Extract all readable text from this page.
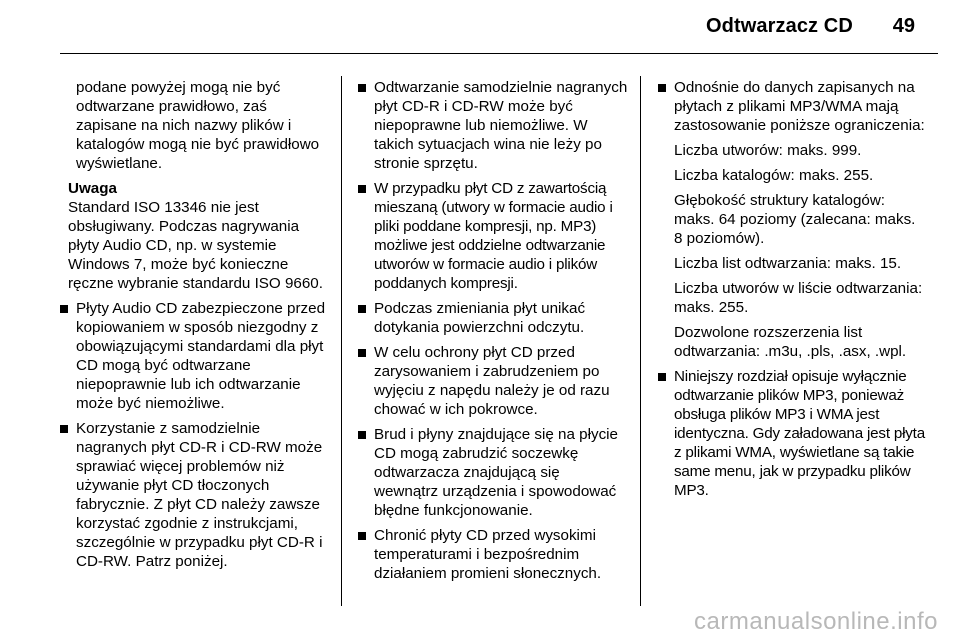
Odtwarzacz CD 49

podane powyżej mogą nie być odtwarzane prawidłowo, zaś zapisane na nich nazwy plików i katalogów mogą nie być prawidłowo wyświetlane.

Uwaga
Standard ISO 13346 nie jest obsługiwany. Podczas nagrywania płyty Audio CD, np. w systemie Windows 7, może być konieczne ręczne wybranie standardu ISO 9660.
Płyty Audio CD zabezpieczone przed kopiowaniem w sposób niezgodny z obowiązującymi standardami dla płyt CD mogą być odtwarzane niepoprawnie lub ich odtwarzanie może być niemożliwe.
Korzystanie z samodzielnie nagranych płyt CD-R i CD-RW może sprawiać więcej problemów niż używanie płyt CD tłoczonych fabrycznie. Z płyt CD należy zawsze korzystać zgodnie z instrukcjami, szczególnie w przypadku płyt CD-R i CD-RW. Patrz poniżej.
Odtwarzanie samodzielnie nagranych płyt CD-R i CD-RW może być niepoprawne lub niemożliwe. W takich sytuacjach wina nie leży po stronie sprzętu.
W przypadku płyt CD z zawartością mieszaną (utwory w formacie audio i pliki poddane kompresji, np. MP3) możliwe jest oddzielne odtwarzanie utworów w formacie audio i plików poddanych kompresji.
Podczas zmieniania płyt unikać dotykania powierzchni odczytu.
W celu ochrony płyt CD przed zarysowaniem i zabrudzeniem po wyjęciu z napędu należy je od razu chować w ich pokrowce.
Brud i płyny znajdujące się na płycie CD mogą zabrudzić soczewkę odtwarzacza znajdującą się wewnątrz urządzenia i spowodować błędne funkcjonowanie.
Chronić płyty CD przed wysokimi temperaturami i bezpośrednim działaniem promieni słonecznych.
Odnośnie do danych zapisanych na płytach z plikami MP3/WMA mają zastosowanie poniższe ograniczenia:

Liczba utworów: maks. 999.

Liczba katalogów: maks. 255.

Głębokość struktury katalogów: maks. 64 poziomy (zalecana: maks. 8 poziomów).

Liczba list odtwarzania: maks. 15.

Liczba utworów w liście odtwarzania: maks. 255.

Dozwolone rozszerzenia list odtwarzania: .m3u, .pls, .asx, .wpl.

Niniejszy rozdział opisuje wyłącznie odtwarzanie plików MP3, ponieważ obsługa plików MP3 i WMA jest identyczna. Gdy załadowana jest płyta z plikami WMA, wyświetlane są takie same menu, jak w przypadku plików MP3.
carmanualsonline.info
